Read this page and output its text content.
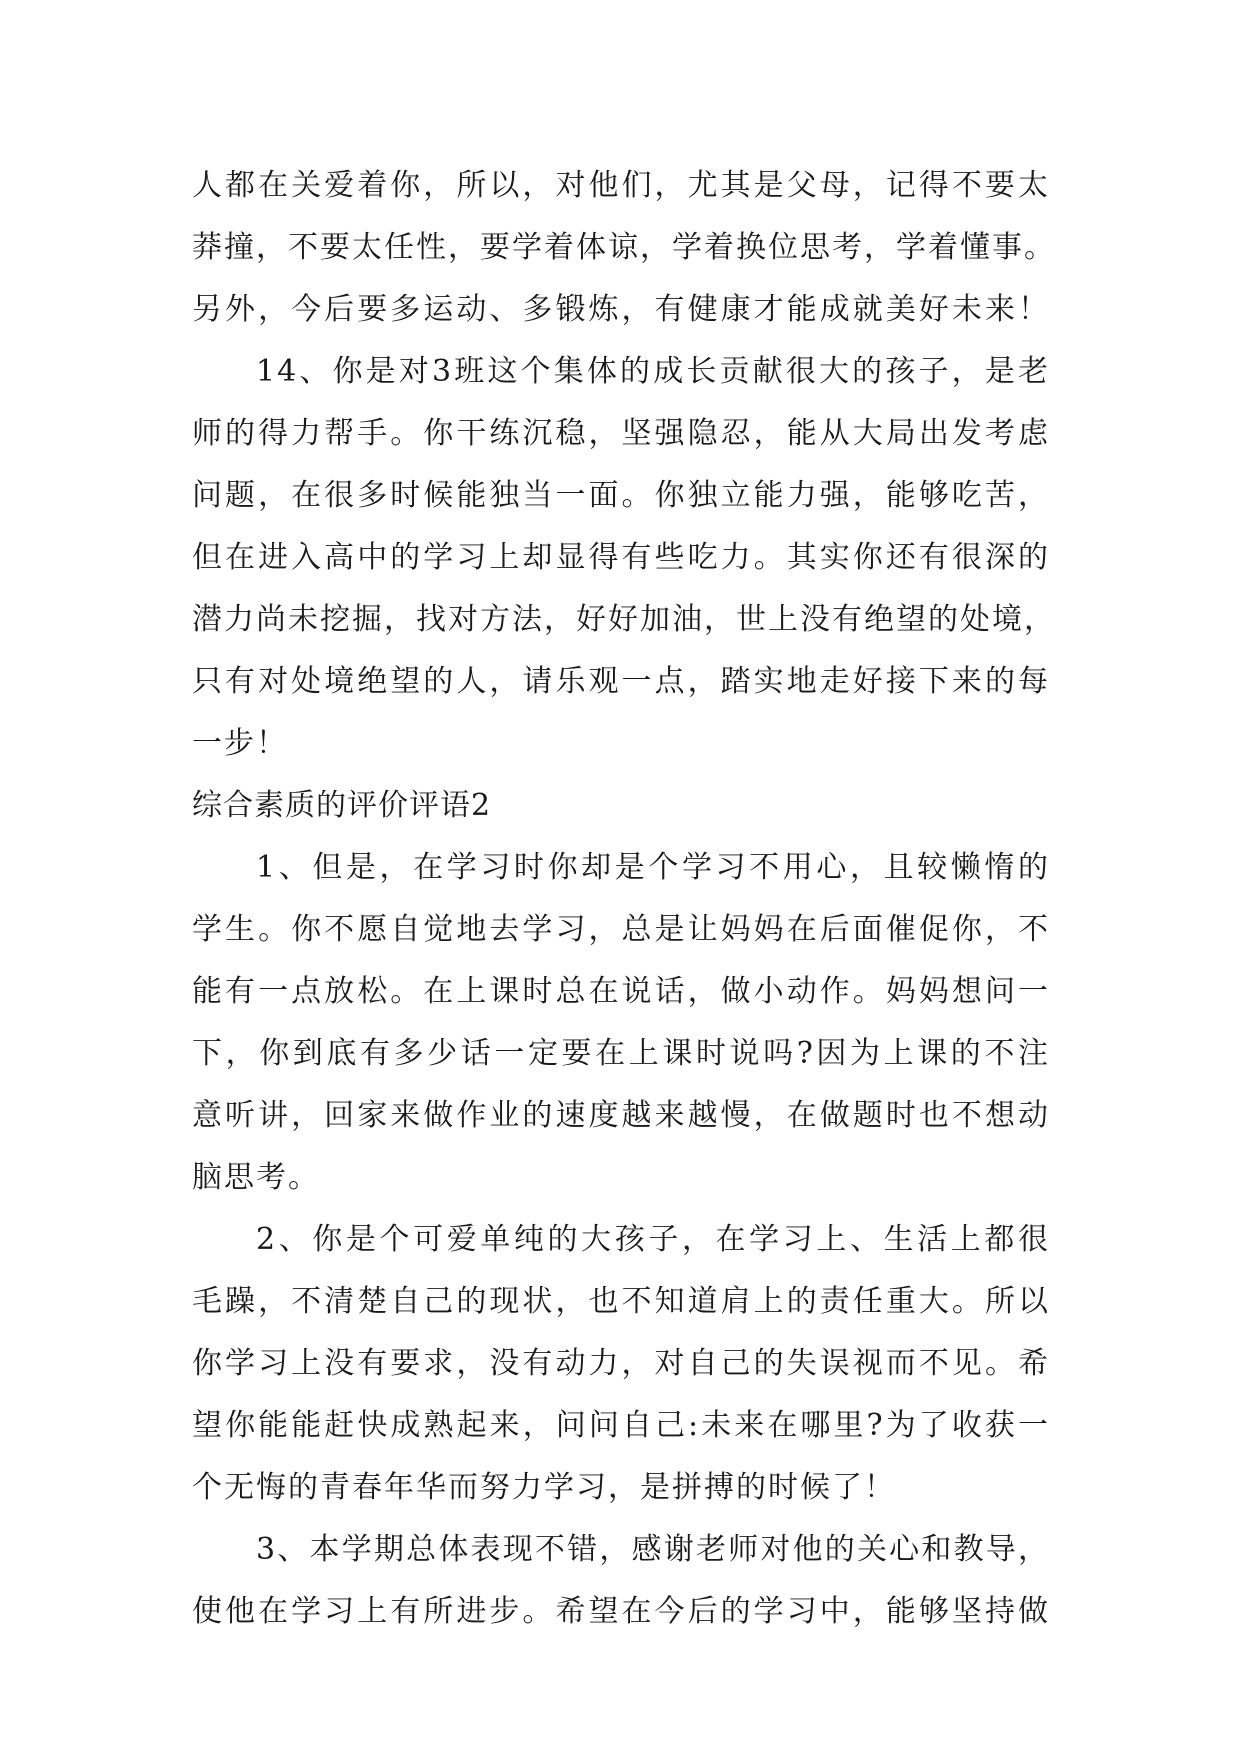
人都在关爱着你，所以，对他们，尤其是父母，记得不要太
莽撞，不要太任性，要学着体谅，学着换位思考，学着懂事。
另外，今后要多运动、多锻炼，有健康才能成就美好未来！
14、你是对3班这个集体的成长贡献很大的孩子，是老
师的得力帮手。你干练沉稳，坚强隐忍，能从大局出发考虑
问题，在很多时候能独当一面。你独立能力强，能够吃苦，
但在进入高中的学习上却显得有些吃力。其实你还有很深的
潜力尚未挖掘，找对方法，好好加油，世上没有绝望的处境，
只有对处境绝望的人，请乐观一点，踏实地走好接下来的每
一步！
综合素质的评价评语2
1、但是，在学习时你却是个学习不用心，且较懒惰的
学生。你不愿自觉地去学习，总是让妈妈在后面催促你，不
能有一点放松。在上课时总在说话，做小动作。妈妈想问一
下，你到底有多少话一定要在上课时说吗?因为上课的不注
意听讲，回家来做作业的速度越来越慢，在做题时也不想动
脑思考。
2、你是个可爱单纯的大孩子，在学习上、生活上都很
毛躁，不清楚自己的现状，也不知道肩上的责任重大。所以
你学习上没有要求，没有动力，对自己的失误视而不见。希
望你能能赶快成熟起来，问问自己:未来在哪里?为了收获一
个无悔的青春年华而努力学习，是拼搏的时候了！
3、本学期总体表现不错，感谢老师对他的关心和教导，
使他在学习上有所进步。希望在今后的学习中，能够坚持做
